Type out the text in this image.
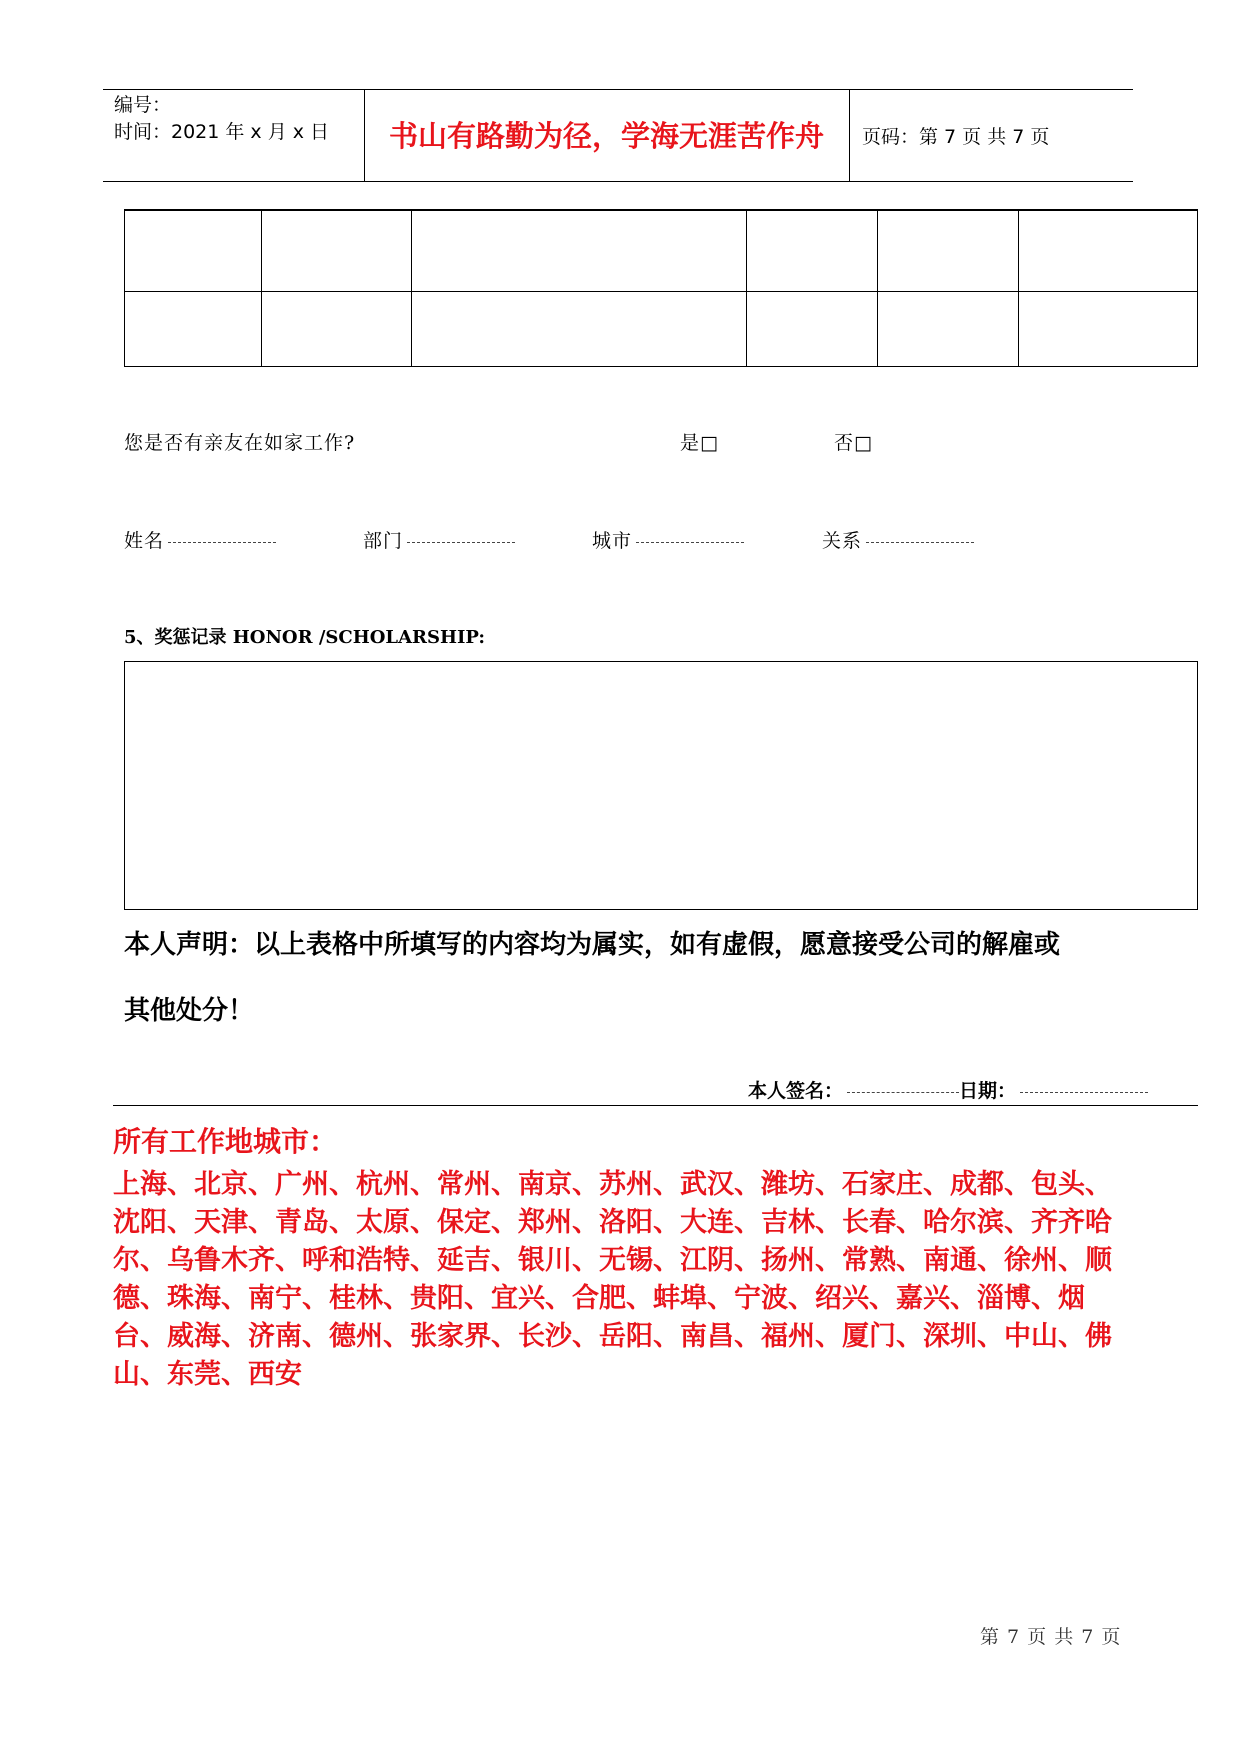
编号：
时间：2021 年 x 月 x 日	书山有路勤为径，学海无涯苦作舟	页码：第 7 页 共 7 页

您是否有亲友在如家工作?	是□	否□
姓名	部门	城市	关系
5、奖惩记录 HONOR /SCHOLARSHIP:
本人声明：以上表格中所填写的内容均为属实，如有虚假，愿意接受公司的解雇或
其他处分！
本人签名：	日期：
所有工作地城市：
上海、北京、广州、杭州、常州、南京、苏州、武汉、潍坊、石家庄、成都、包头、沈阳、天津、青岛、太原、保定、郑州、洛阳、大连、吉林、长春、哈尔滨、齐齐哈尔、乌鲁木齐、呼和浩特、延吉、银川、无锡、江阴、扬州、常熟、南通、徐州、顺德、珠海、南宁、桂林、贵阳、宜兴、合肥、蚌埠、宁波、绍兴、嘉兴、淄博、烟台、威海、济南、德州、张家界、长沙、岳阳、南昌、福州、厦门、深圳、中山、佛山、东莞、西安
第 7 页 共 7 页
